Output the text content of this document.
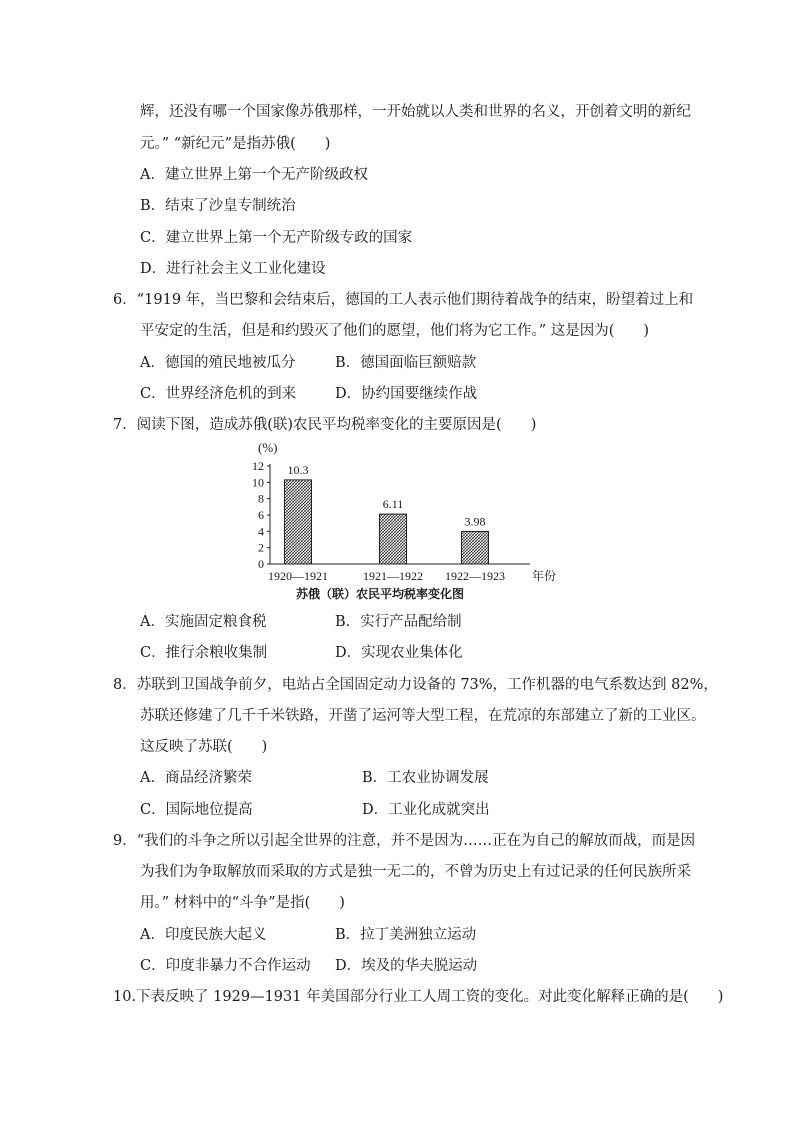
辉，还没有哪一个国家像苏俄那样，一开始就以人类和世界的名义，开创着文明的新纪
元。” “新纪元”是指苏俄(　　)
A．建立世界上第一个无产阶级政权
B．结束了沙皇专制统治
C．建立世界上第一个无产阶级专政的国家
D．进行社会主义工业化建设
6．“1919 年，当巴黎和会结束后，德国的工人表示他们期待着战争的结束，盼望着过上和
平安定的生活，但是和约毁灭了他们的愿望，他们将为它工作。” 这是因为(　　)
A．德国的殖民地被瓜分	B．德国面临巨额赔款
C．世界经济危机的到来	D．协约国要继续作战
7．阅读下图，造成苏俄(联)农民平均税率变化的主要原因是(　　)
0
2
4
6
8
10
12
(%)
10.3
1920—1921
6.11
1921—1922
3.98
1922—1923 年份
苏俄（联）农民平均税率变化图
A．实施固定粮食税	B．实行产品配给制
C．推行余粮收集制	D．实现农业集体化
8．苏联到卫国战争前夕，电站占全国固定动力设备的 73%，工作机器的电气系数达到 82%，
苏联还修建了几千千米铁路，开凿了运河等大型工程，在荒凉的东部建立了新的工业区。
这反映了苏联(　　)
A．商品经济繁荣	B．工农业协调发展
C．国际地位提高	D．工业化成就突出
9．“我们的斗争之所以引起全世界的注意，并不是因为……正在为自己的解放而战，而是因
为我们为争取解放而采取的方式是独一无二的，不曾为历史上有过记录的任何民族所采
用。” 材料中的“斗争”是指(　　)
A．印度民族大起义	B．拉丁美洲独立运动
C．印度非暴力不合作运动 D．埃及的华夫脱运动
10.下表反映了 1929—1931 年美国部分行业工人周工资的变化。对此变化解释正确的是(　　)
